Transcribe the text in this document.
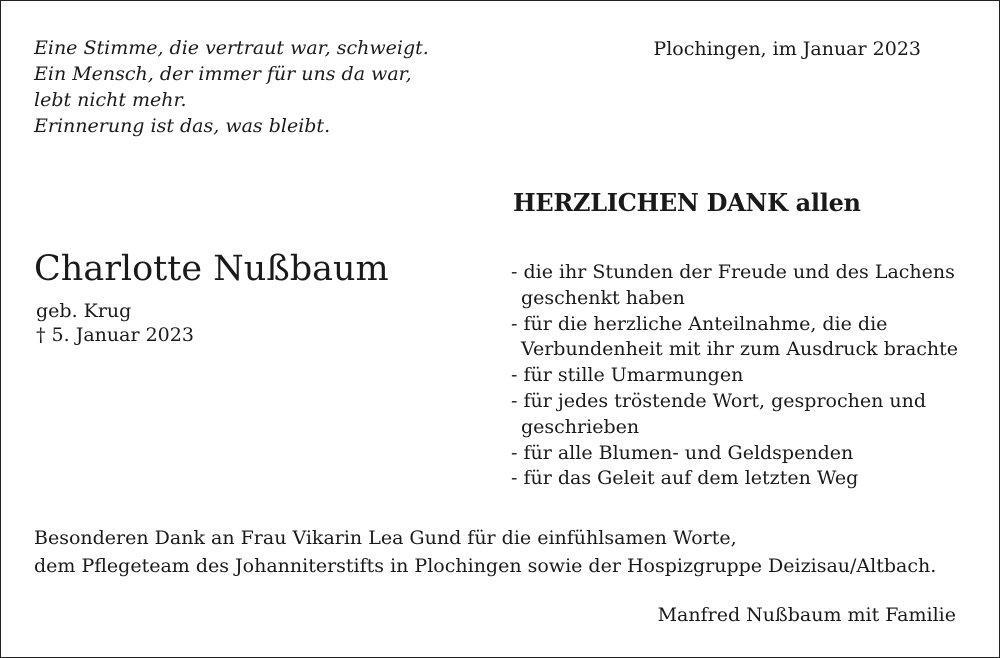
Eine Stimme, die vertraut war, schweigt.
Ein Mensch, der immer für uns da war,
lebt nicht mehr.
Erinnerung ist das, was bleibt.
Plochingen, im Januar 2023
HERZLICHEN DANK allen
Charlotte Nußbaum
geb. Krug
† 5. Januar 2023
- die ihr Stunden der Freude und des Lachens
geschenkt haben
- für die herzliche Anteilnahme, die die
Verbundenheit mit ihr zum Ausdruck brachte
- für stille Umarmungen
- für jedes tröstende Wort, gesprochen und
geschrieben
- für alle Blumen- und Geldspenden
- für das Geleit auf dem letzten Weg
Besonderen Dank an Frau Vikarin Lea Gund für die einfühlsamen Worte,
dem Pflegeteam des Johanniterstifts in Plochingen sowie der Hospizgruppe Deizisau/Altbach.
Manfred Nußbaum mit Familie
